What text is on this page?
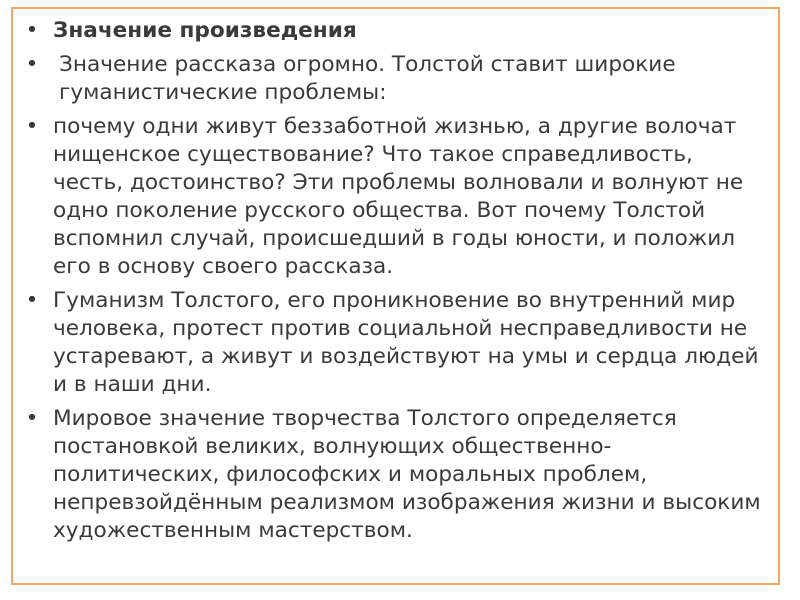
• Значение произведения
• Значение рассказа огромно. Толстой ставит широкие гуманистические проблемы:
• почему одни живут беззаботной жизнью, а другие волочат нищенское существование? Что такое справедливость, честь, достоинство? Эти проблемы волновали и волнуют не одно поколение русского общества. Вот почему Толстой вспомнил случай, происшедший в годы юности, и положил его в основу своего рассказа.
• Гуманизм Толстого, его проникновение во внутренний мир человека, протест против социальной несправедливости не устаревают, а живут и воздействуют на умы и сердца людей и в наши дни.
• Мировое значение творчества Толстого определяется постановкой великих, волнующих общественно-политических, философских и моральных проблем, непревзойдённым реализмом изображения жизни и высоким художественным мастерством.
